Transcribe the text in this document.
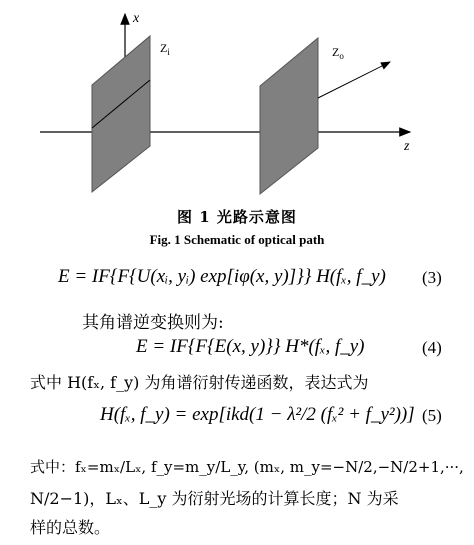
x
z
$Z_i$	$Z_o$
图 1 光路示意图
Fig. 1 Schematic of optical path
E = IF{F{U(xᵢ, yᵢ) exp[iφ(x, y)]}} H(fₓ, f_y) (3)
其角谱逆变换则为:
E = IF{F{E(x, y)}} H*(fₓ, f_y)	(4)
式中 H(fₓ, f_y) 为角谱衍射传递函数，表达式为
H(fₓ, f_y) = exp[ikd(1 − λ²/2 (fₓ² + f_y²))] (5)
式中：fₓ=mₓ/Lₓ, f_y=m_y/L_y, (mₓ, m_y=−N/2,−N/2+1,···,
N/2−1)，Lₓ、L_y 为衍射光场的计算长度；N 为采
样的总数。
